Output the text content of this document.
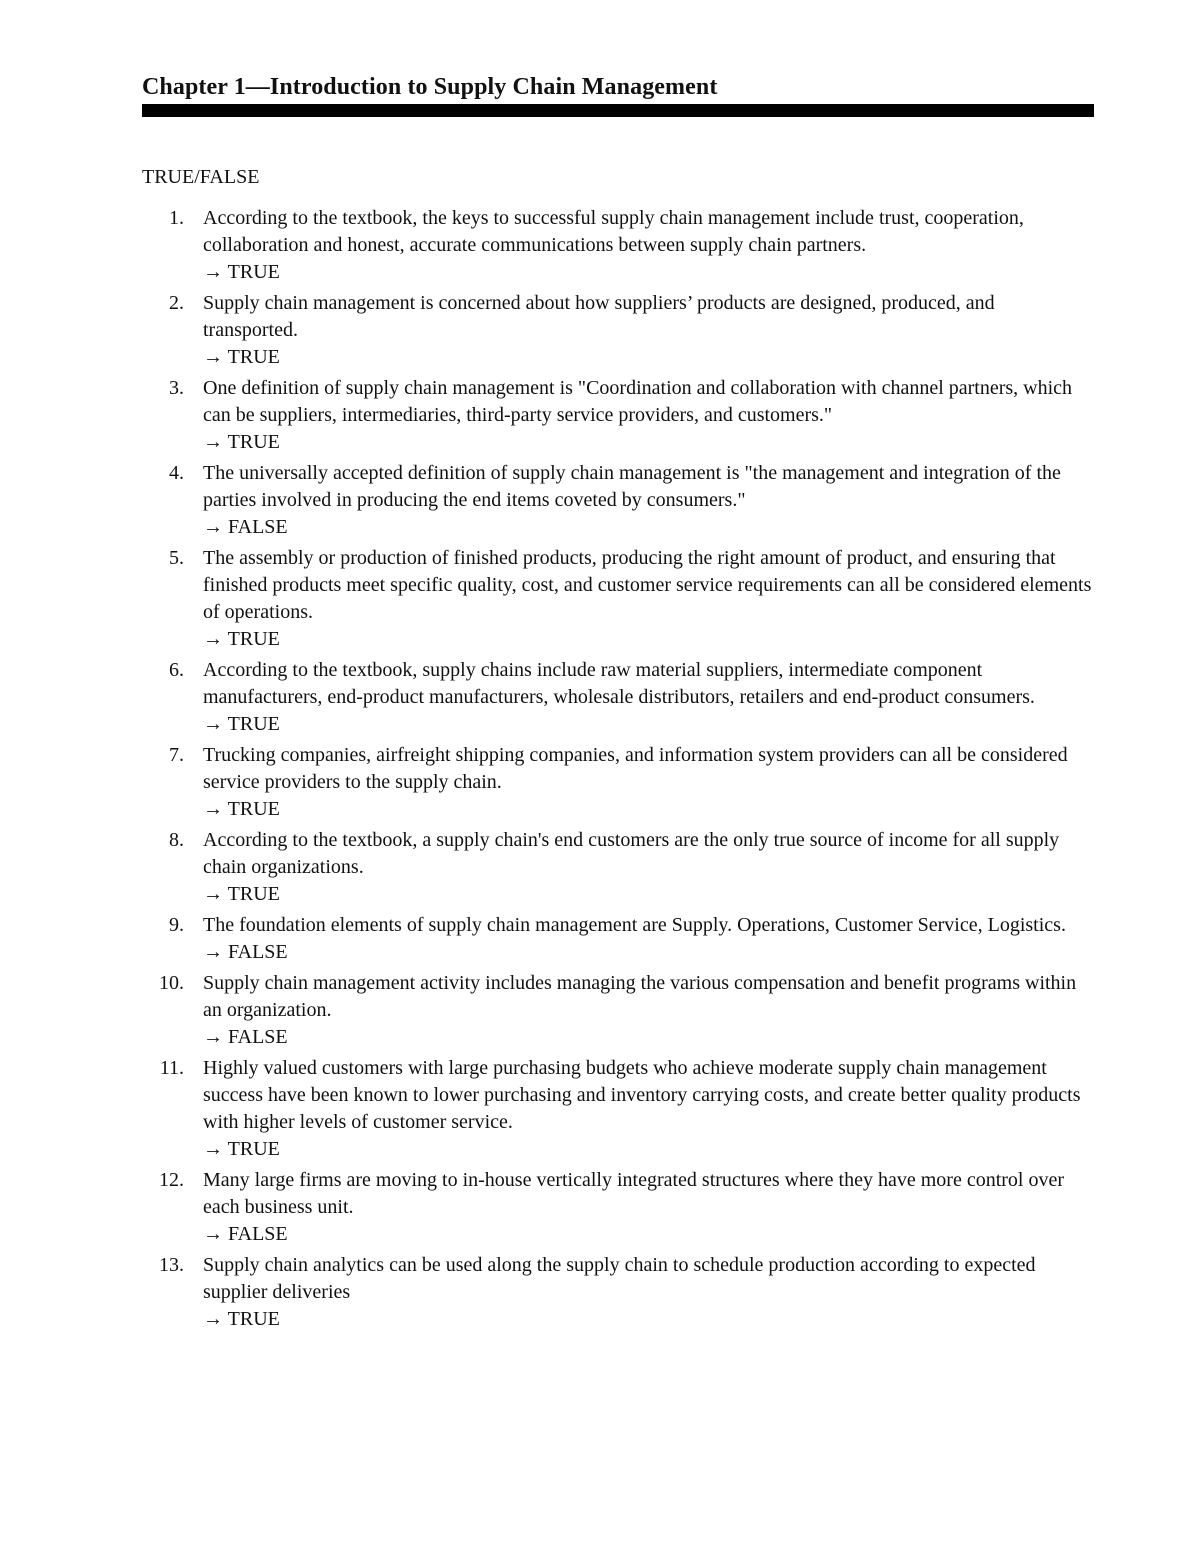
Chapter 1—Introduction to Supply Chain Management
TRUE/FALSE
1. According to the textbook, the keys to successful supply chain management include trust, cooperation, collaboration and honest, accurate communications between supply chain partners.
→ TRUE
2. Supply chain management is concerned about how suppliers’ products are designed, produced, and transported.
→ TRUE
3. One definition of supply chain management is "Coordination and collaboration with channel partners, which can be suppliers, intermediaries, third-party service providers, and customers."
→ TRUE
4. The universally accepted definition of supply chain management is "the management and integration of the parties involved in producing the end items coveted by consumers."
→ FALSE
5. The assembly or production of finished products, producing the right amount of product, and ensuring that finished products meet specific quality, cost, and customer service requirements can all be considered elements of operations.
→ TRUE
6. According to the textbook, supply chains include raw material suppliers, intermediate component manufacturers, end-product manufacturers, wholesale distributors, retailers and end-product consumers.
→ TRUE
7. Trucking companies, airfreight shipping companies, and information system providers can all be considered service providers to the supply chain.
→ TRUE
8. According to the textbook, a supply chain's end customers are the only true source of income for all supply chain organizations.
→ TRUE
9. The foundation elements of supply chain management are Supply. Operations, Customer Service, Logistics.
→ FALSE
10. Supply chain management activity includes managing the various compensation and benefit programs within an organization.
→ FALSE
11. Highly valued customers with large purchasing budgets who achieve moderate supply chain management success have been known to lower purchasing and inventory carrying costs, and create better quality products with higher levels of customer service.
→ TRUE
12. Many large firms are moving to in-house vertically integrated structures where they have more control over each business unit.
→ FALSE
13. Supply chain analytics can be used along the supply chain to schedule production according to expected supplier deliveries
→ TRUE
